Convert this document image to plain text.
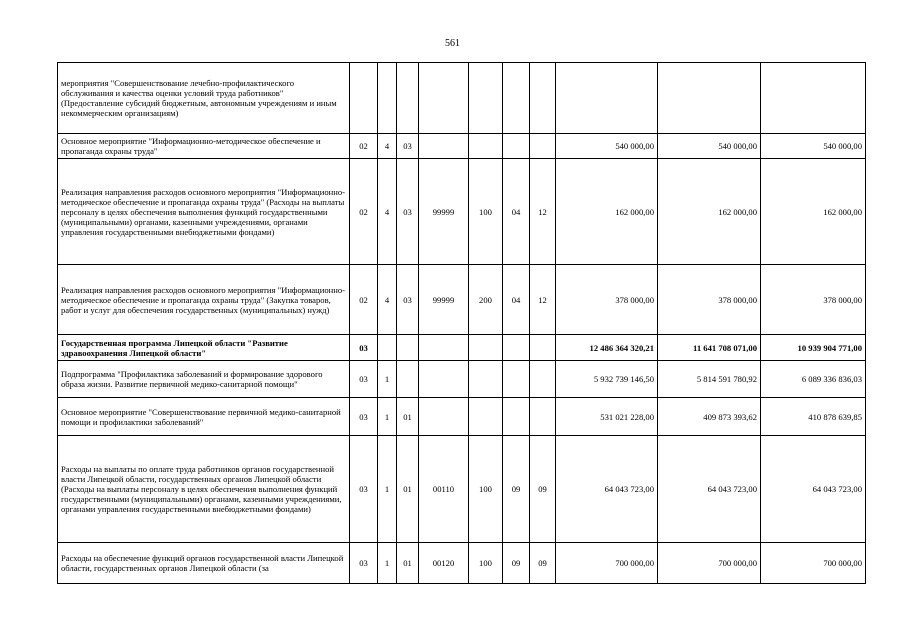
561
мероприятия "Совершенствование лечебно-профилактического обслуживания и качества оценки условий труда работников" (Предоставление субсидий бюджетным, автономным учреждениям и иным некоммерческим организациям)										
Основное мероприятие "Информационно-методическое обеспечение и пропаганда охраны труда"	02	4	03					540 000,00	540 000,00	540 000,00
Реализация направления расходов основного мероприятия "Информационно-методическое обеспечение и пропаганда охраны труда" (Расходы на выплаты персоналу в целях обеспечения выполнения функций государственными (муниципальными) органами, казенными учреждениями, органами управления государственными внебюджетными фондами)	02	4	03	99999	100	04	12	162 000,00	162 000,00	162 000,00
Реализация направления расходов основного мероприятия "Информационно-методическое обеспечение и пропаганда охраны труда" (Закупка товаров, работ и услуг для обеспечения государственных (муниципальных) нужд)	02	4	03	99999	200	04	12	378 000,00	378 000,00	378 000,00
Государственная программа Липецкой области "Развитие здравоохранения Липецкой области"	03							12 486 364 320,21	11 641 708 071,00	10 939 904 771,00
Подпрограмма "Профилактика заболеваний и формирование здорового образа жизни. Развитие первичной медико-санитарной помощи"	03	1						5 932 739 146,50	5 814 591 780,92	6 089 336 836,03
Основное мероприятие "Совершенствование первичной медико-санитарной помощи и профилактики заболеваний"	03	1	01					531 021 228,00	409 873 393,62	410 878 639,85
Расходы на выплаты по оплате труда работников органов государственной власти Липецкой области, государственных органов Липецкой области (Расходы на выплаты персоналу в целях обеспечения выполнения функций государственными (муниципальными) органами, казенными учреждениями, органами управления государственными внебюджетными фондами)	03	1	01	00110	100	09	09	64 043 723,00	64 043 723,00	64 043 723,00
Расходы на обеспечение функций органов государственной власти Липецкой области, государственных органов Липецкой области (за	03	1	01	00120	100	09	09	700 000,00	700 000,00	700 000,00
